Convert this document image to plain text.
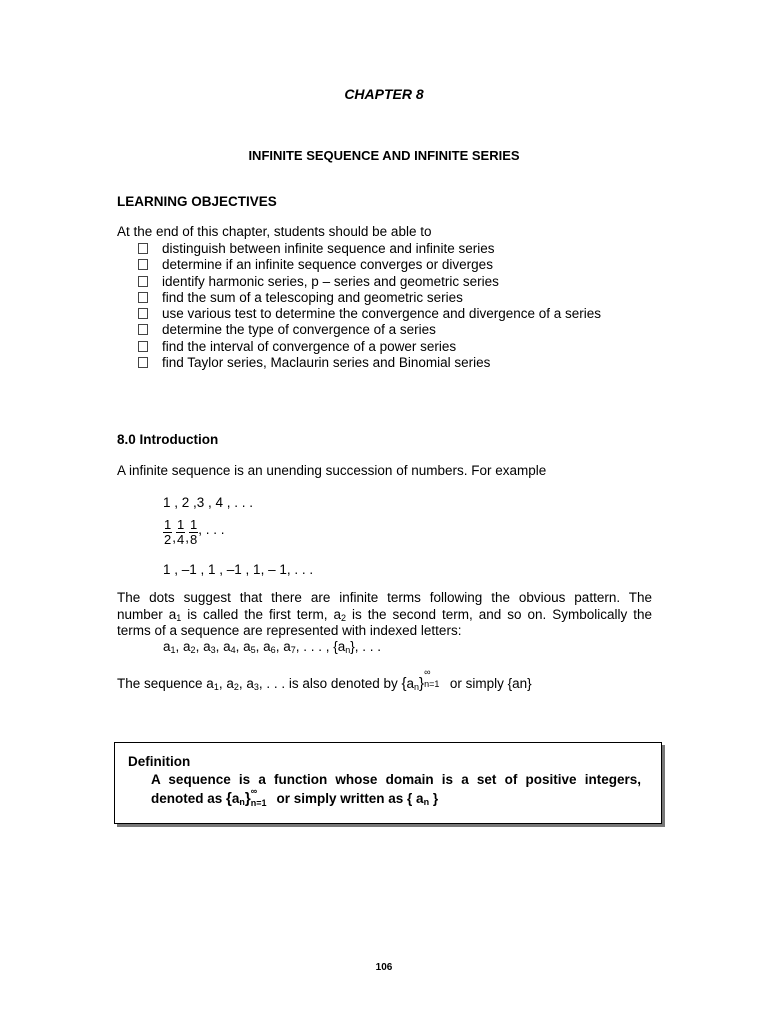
CHAPTER 8
INFINITE SEQUENCE AND INFINITE SERIES
LEARNING OBJECTIVES
At the end of this chapter, students should be able to
distinguish between infinite sequence and infinite series
determine if an infinite sequence converges or diverges
identify harmonic series, p – series and geometric series
find the sum of a telescoping and geometric series
use various test to determine the convergence and divergence of a series
determine the type of convergence of a series
find the interval of convergence of a power series
find Taylor series, Maclaurin series and Binomial series
8.0 Introduction
A infinite sequence is an unending succession of numbers. For example
1 , 2 ,3 , 4 , . . .
$\frac{1}{2}$ , $\frac{1}{4}$ , $\frac{1}{8}$ , . . .
1 , –1 , 1 , –1 , 1, – 1, . . .
The dots suggest that there are infinite terms following the obvious pattern. The
number $a_1$ is called the first term, $a_2$ is the second term, and so on. Symbolically the
terms of a sequence are represented with indexed letters:
$a_1$, $a_2$, $a_3$, $a_4$, $a_5$, $a_6$, $a_7$, . . . , $\{a_n\}$, . . .
The sequence $a_1$, $a_2$, $a_3$, . . . is also denoted by $\{a_n\}$
∞
n=1 or simply {an}
Definition
A sequence is a function whose domain is a set of positive integers,
denoted as $\{a_n\}$ ∞
n=1 or simply written as { $a_n$ }
106
